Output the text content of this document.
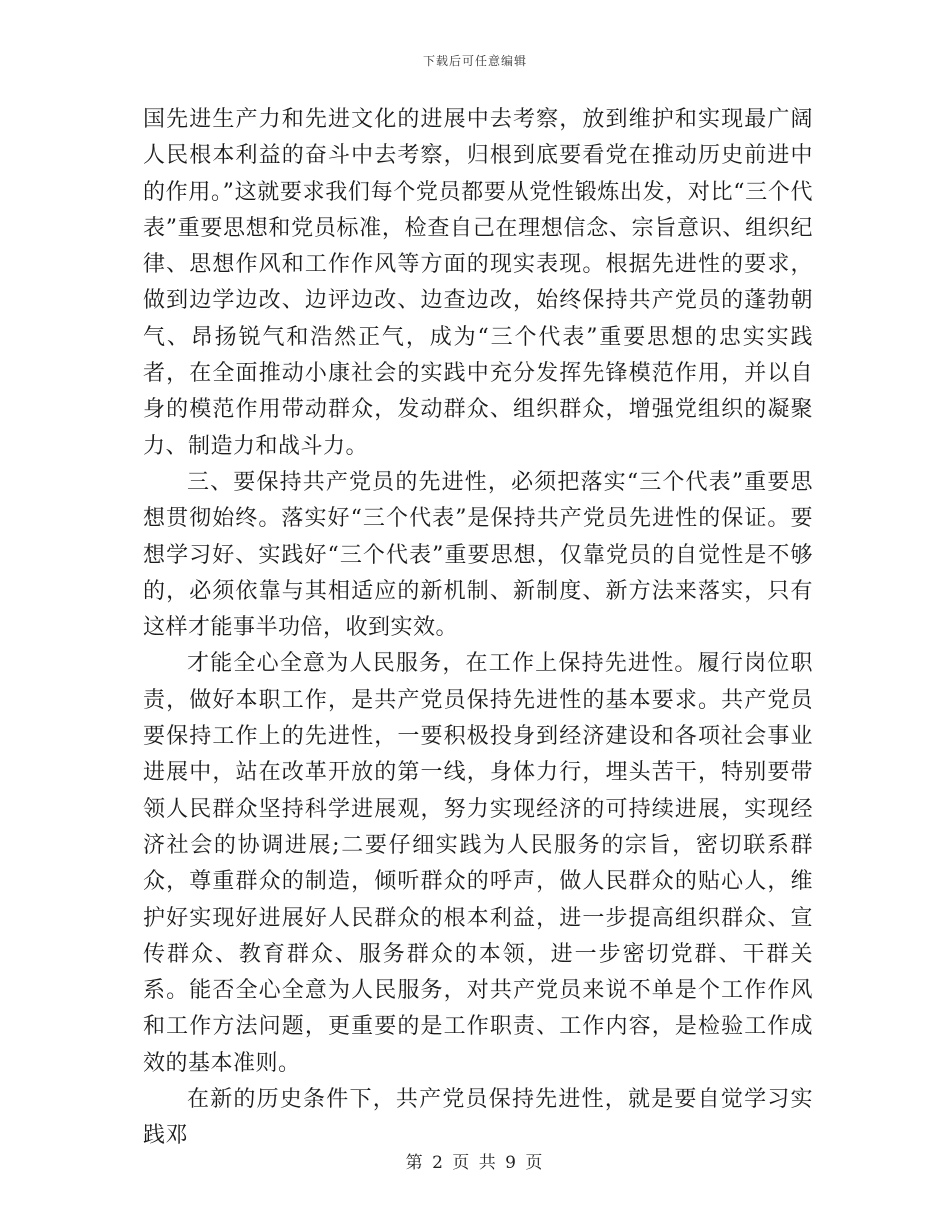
下载后可任意编辑

国先进生产力和先进文化的进展中去考察，放到维护和实现最广阔人民根本利益的奋斗中去考察，归根到底要看党在推动历史前进中的作用。”这就要求我们每个党员都要从党性锻炼出发，对比“三个代表”重要思想和党员标准，检查自己在理想信念、宗旨意识、组织纪律、思想作风和工作作风等方面的现实表现。根据先进性的要求，做到边学边改、边评边改、边查边改，始终保持共产党员的蓬勃朝气、昂扬锐气和浩然正气，成为“三个代表”重要思想的忠实实践者，在全面推动小康社会的实践中充分发挥先锋模范作用，并以自身的模范作用带动群众，发动群众、组织群众，增强党组织的凝聚力、制造力和战斗力。

三、要保持共产党员的先进性，必须把落实“三个代表”重要思想贯彻始终。落实好“三个代表”是保持共产党员先进性的保证。要想学习好、实践好“三个代表”重要思想，仅靠党员的自觉性是不够的，必须依靠与其相适应的新机制、新制度、新方法来落实，只有这样才能事半功倍，收到实效。

才能全心全意为人民服务，在工作上保持先进性。履行岗位职责，做好本职工作，是共产党员保持先进性的基本要求。共产党员要保持工作上的先进性，一要积极投身到经济建设和各项社会事业进展中，站在改革开放的第一线，身体力行，埋头苦干，特别要带领人民群众坚持科学进展观，努力实现经济的可持续进展，实现经济社会的协调进展;二要仔细实践为人民服务的宗旨，密切联系群众，尊重群众的制造，倾听群众的呼声，做人民群众的贴心人，维护好实现好进展好人民群众的根本利益，进一步提高组织群众、宣传群众、教育群众、服务群众的本领，进一步密切党群、干群关系。能否全心全意为人民服务，对共产党员来说不单是个工作作风和工作方法问题，更重要的是工作职责、工作内容，是检验工作成效的基本准则。

在新的历史条件下，共产党员保持先进性，就是要自觉学习实践邓

第 2 页 共 9 页
